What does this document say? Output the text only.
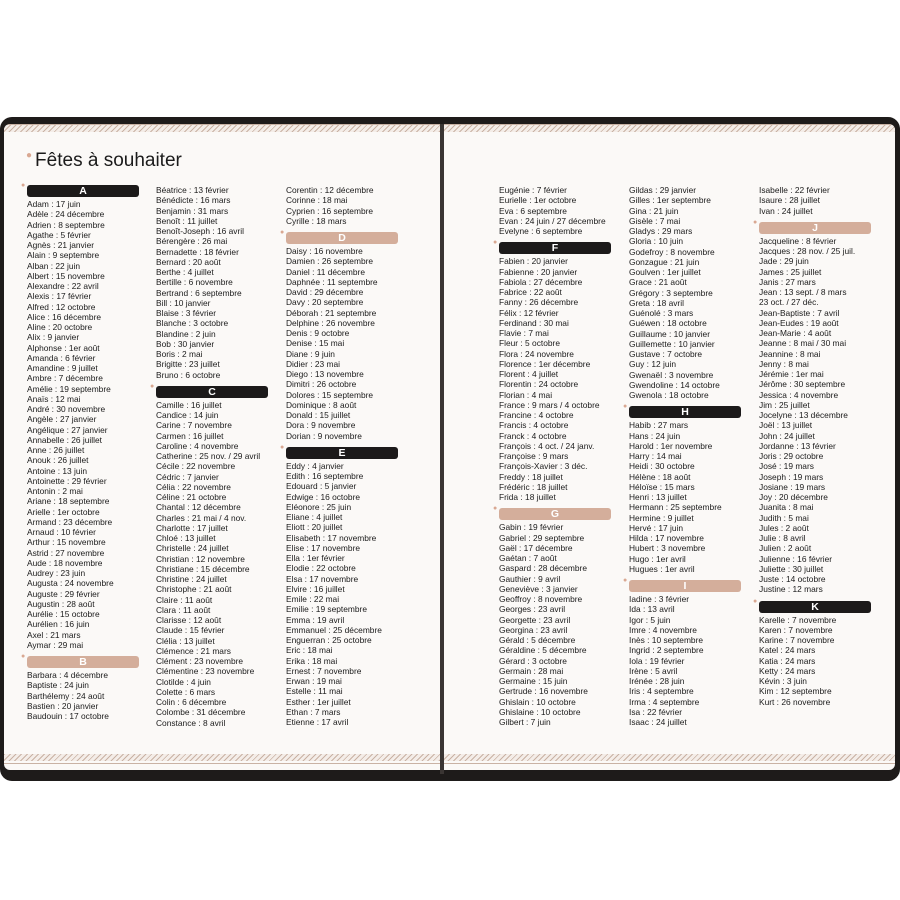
● Fêtes à souhaiter
A
●
Adam : 17 juin
Adèle : 24 décembre
Adrien : 8 septembre
Agathe : 5 février
Agnès : 21 janvier
Alain : 9 septembre
Alban : 22 juin
Albert : 15 novembre
Alexandre : 22 avril
Alexis : 17 février
Alfred : 12 octobre
Alice : 16 décembre
Aline : 20 octobre
Alix : 9 janvier
Alphonse : 1er août
Amanda : 6 février
Amandine : 9 juillet
Ambre : 7 décembre
Amélie : 19 septembre
Anaïs : 12 mai
André : 30 novembre
Angèle : 27 janvier
Angélique : 27 janvier
Annabelle : 26 juillet
Anne : 26 juillet
Anouk : 26 juillet
Antoine : 13 juin
Antoinette : 29 février
Antonin : 2 mai
Ariane : 18 septembre
Arielle : 1er octobre
Armand : 23 décembre
Arnaud : 10 février
Arthur : 15 novembre
Astrid : 27 novembre
Aude : 18 novembre
Audrey : 23 juin
Augusta : 24 novembre
Auguste : 29 février
Augustin : 28 août
Aurélie : 15 octobre
Aurélien : 16 juin
Axel : 21 mars
Aymar : 29 mai
B
●
Barbara : 4 décembre
Baptiste : 24 juin
Barthélemy : 24 août
Bastien : 20 janvier
Baudouin : 17 octobre
Béatrice : 13 février
Bénédicte : 16 mars
Benjamin : 31 mars
Benoît : 11 juillet
Benoît-Joseph : 16 avril
Bérengère : 26 mai
Bernadette : 18 février
Bernard : 20 août
Berthe : 4 juillet
Bertille : 6 novembre
Bertrand : 6 septembre
Bill : 10 janvier
Blaise : 3 février
Blanche : 3 octobre
Blandine : 2 juin
Bob : 30 janvier
Boris : 2 mai
Brigitte : 23 juillet
Bruno : 6 octobre
C
●
Camille : 16 juillet
Candice : 14 juin
Carine : 7 novembre
Carmen : 16 juillet
Caroline : 4 novembre
Catherine : 25 nov. / 29 avril
Cécile : 22 novembre
Cédric : 7 janvier
Célia : 22 novembre
Céline : 21 octobre
Chantal : 12 décembre
Charles : 21 mai / 4 nov.
Charlotte : 17 juillet
Chloé : 13 juillet
Christelle : 24 juillet
Christian : 12 novembre
Christiane : 15 décembre
Christine : 24 juillet
Christophe : 21 août
Claire : 11 août
Clara : 11 août
Clarisse : 12 août
Claude : 15 février
Clélia : 13 juillet
Clémence : 21 mars
Clément : 23 novembre
Clémentine : 23 novembre
Clotilde : 4 juin
Colette : 6 mars
Colin : 6 décembre
Colombe : 31 décembre
Constance : 8 avril
Corentin : 12 décembre
Corinne : 18 mai
Cyprien : 16 septembre
Cyrille : 18 mars
D
●
Daisy : 16 novembre
Damien : 26 septembre
Daniel : 11 décembre
Daphnée : 11 septembre
David : 29 décembre
Davy : 20 septembre
Déborah : 21 septembre
Delphine : 26 novembre
Denis : 9 octobre
Denise : 15 mai
Diane : 9 juin
Didier : 23 mai
Diego : 13 novembre
Dimitri : 26 octobre
Dolores : 15 septembre
Dominique : 8 août
Donald : 15 juillet
Dora : 9 novembre
Dorian : 9 novembre
E
●
Eddy : 4 janvier
Edith : 16 septembre
Edouard : 5 janvier
Edwige : 16 octobre
Eléonore : 25 juin
Eliane : 4 juillet
Eliott : 20 juillet
Elisabeth : 17 novembre
Elise : 17 novembre
Ella : 1er février
Elodie : 22 octobre
Elsa : 17 novembre
Elvire : 16 juillet
Emile : 22 mai
Emilie : 19 septembre
Emma : 19 avril
Emmanuel : 25 décembre
Enguerran : 25 octobre
Eric : 18 mai
Erika : 18 mai
Ernest : 7 novembre
Erwan : 19 mai
Estelle : 11 mai
Esther : 1er juillet
Ethan : 7 mars
Etienne : 17 avril
Eugénie : 7 février
Eurielle : 1er octobre
Eva : 6 septembre
Evan : 24 juin / 27 décembre
Evelyne : 6 septembre
F
●
Fabien : 20 janvier
Fabienne : 20 janvier
Fabiola : 27 décembre
Fabrice : 22 août
Fanny : 26 décembre
Félix : 12 février
Ferdinand : 30 mai
Flavie : 7 mai
Fleur : 5 octobre
Flora : 24 novembre
Florence : 1er décembre
Florent : 4 juillet
Florentin : 24 octobre
Florian : 4 mai
France : 9 mars / 4 octobre
Francine : 4 octobre
Francis : 4 octobre
Franck : 4 octobre
François : 4 oct. / 24 janv.
Françoise : 9 mars
François-Xavier : 3 déc.
Freddy : 18 juillet
Frédéric : 18 juillet
Frida : 18 juillet
G
●
Gabin : 19 février
Gabriel : 29 septembre
Gaël : 17 décembre
Gaétan : 7 août
Gaspard : 28 décembre
Gauthier : 9 avril
Geneviève : 3 janvier
Geoffroy : 8 novembre
Georges : 23 avril
Georgette : 23 avril
Georgina : 23 avril
Gérald : 5 décembre
Géraldine : 5 décembre
Gérard : 3 octobre
Germain : 28 mai
Germaine : 15 juin
Gertrude : 16 novembre
Ghislain : 10 octobre
Ghislaine : 10 octobre
Gilbert : 7 juin
Gildas : 29 janvier
Gilles : 1er septembre
Gina : 21 juin
Gisèle : 7 mai
Gladys : 29 mars
Gloria : 10 juin
Godefroy : 8 novembre
Gonzague : 21 juin
Goulven : 1er juillet
Grace : 21 août
Grégory : 3 septembre
Greta : 18 avril
Guénolé : 3 mars
Guéwen : 18 octobre
Guillaume : 10 janvier
Guillemette : 10 janvier
Gustave : 7 octobre
Guy : 12 juin
Gwenaël : 3 novembre
Gwendoline : 14 octobre
Gwenola : 18 octobre
H
●
Habib : 27 mars
Hans : 24 juin
Harold : 1er novembre
Harry : 14 mai
Heidi : 30 octobre
Hélène : 18 août
Héloïse : 15 mars
Henri : 13 juillet
Hermann : 25 septembre
Hermine : 9 juillet
Hervé : 17 juin
Hilda : 17 novembre
Hubert : 3 novembre
Hugo : 1er avril
Hugues : 1er avril
I
●
Iadine : 3 février
Ida : 13 avril
Igor : 5 juin
Imre : 4 novembre
Inès : 10 septembre
Ingrid : 2 septembre
Iola : 19 février
Irène : 5 avril
Irénée : 28 juin
Iris : 4 septembre
Irma : 4 septembre
Isa : 22 février
Isaac : 24 juillet
Isabelle : 22 février
Isaure : 28 juillet
Ivan : 24 juillet
J
●
Jacqueline : 8 février
Jacques : 28 nov. / 25 juil.
Jade : 29 juin
James : 25 juillet
Janis : 27 mars
Jean : 13 sept. / 8 mars
23 oct. / 27 déc.
Jean-Baptiste : 7 avril
Jean-Eudes : 19 août
Jean-Marie : 4 août
Jeanne : 8 mai / 30 mai
Jeannine : 8 mai
Jenny : 8 mai
Jérémie : 1er mai
Jérôme : 30 septembre
Jessica : 4 novembre
Jim : 25 juillet
Jocelyne : 13 décembre
Joël : 13 juillet
John : 24 juillet
Jordanne : 13 février
Joris : 29 octobre
José : 19 mars
Joseph : 19 mars
Josiane : 19 mars
Joy : 20 décembre
Juanita : 8 mai
Judith : 5 mai
Jules : 2 août
Julie : 8 avril
Julien : 2 août
Julienne : 16 février
Juliette : 30 juillet
Juste : 14 octobre
Justine : 12 mars
K
●
Karelle : 7 novembre
Karen : 7 novembre
Karine : 7 novembre
Katel : 24 mars
Katia : 24 mars
Ketty : 24 mars
Kévin : 3 juin
Kim : 12 septembre
Kurt : 26 novembre
